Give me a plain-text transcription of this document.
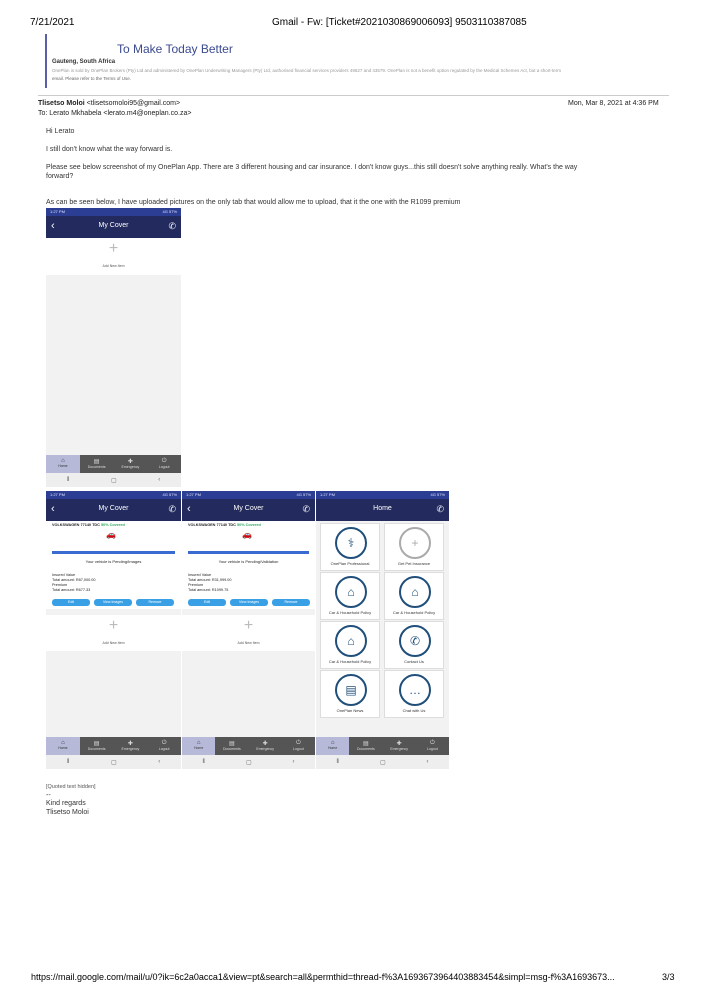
7/21/2021	Gmail - Fw: [Ticket#2021030869006093] 9503110387085
To Make Today Better
Gauteng, South Africa
OnePlan is sold by OnePlan Brokers (Pty) Ltd and administered by OnePlan Underwriting Managers (Pty) Ltd, authorised financial services providers 49627 and 43579. OnePlan is not a benefit option regulated by the Medical Schemes Act, but a short-term
email. Please refer to the Terms of Use.
Tlisetso Moloi <tlisetsomoloi95@gmail.com>	Mon, Mar 8, 2021 at 4:36 PM
To: Lerato Mkhabela <lerato.m4@oneplan.co.za>
Hi Lerato
I still don't know what the way forward is.
Please see below screenshot of my OnePlan App. There are 3 different housing and car insurance. I don't know guys...this still doesn't solve anything really. What's the way
forward?
As can be seen below, I have uploaded pictures on the only tab that would allow me to upload, that it the one with the R1099 premium
1:27 PM	4G 57%
‹	My Cover	✆
+
Add New Item
⌂
Home
▤
Documents
✚
Emergency
⏻
Logout
⦀	▢	‹
1:27 PM	4G 57%
‹	My Cover	✆
VOLKSWAGEN 77140 TDC 50% Covered
🚗
Your vehicle is Pending/Images
Insured Value
Total amount: R87,000.00
Premium
Total amount: R677.33
Edit	View Images	Remove
+
Add New Item
⌂
Home
▤
Documents
✚
Emergency
⏻
Logout
⦀	▢	‹
1:27 PM	4G 57%
‹	My Cover	✆
VOLKSWAGEN 77140 TDC 50% Covered
🚗
Your vehicle is Pending/Validation
Insured Value
Total amount: R31,999.00
Premium
Total amount: R1099.75
Edit	View Images	Remove
+
Add New Item
⌂
Home
▤
Documents
✚
Emergency
⏻
Logout
⦀	▢	‹
1:27 PM	4G 57%
Home	✆
⚕
OnePlan Professional
+
Get Pet Insurance
⌂
Car & Household Policy
⌂
Car & Household Policy
⌂
Car & Household Policy
✆
Contact Us
▤
OnePlan News
…
Chat with Us
⌂
Home
▤
Documents
✚
Emergency
⏻
Logout
⦀	▢	‹
[Quoted text hidden]
--
Kind regards
Tlisetso Moloi
https://mail.google.com/mail/u/0?ik=6c2a0acca1&view=pt&search=all&permthid=thread-f%3A1693673964403883454&simpl=msg-f%3A1693673...	3/3
